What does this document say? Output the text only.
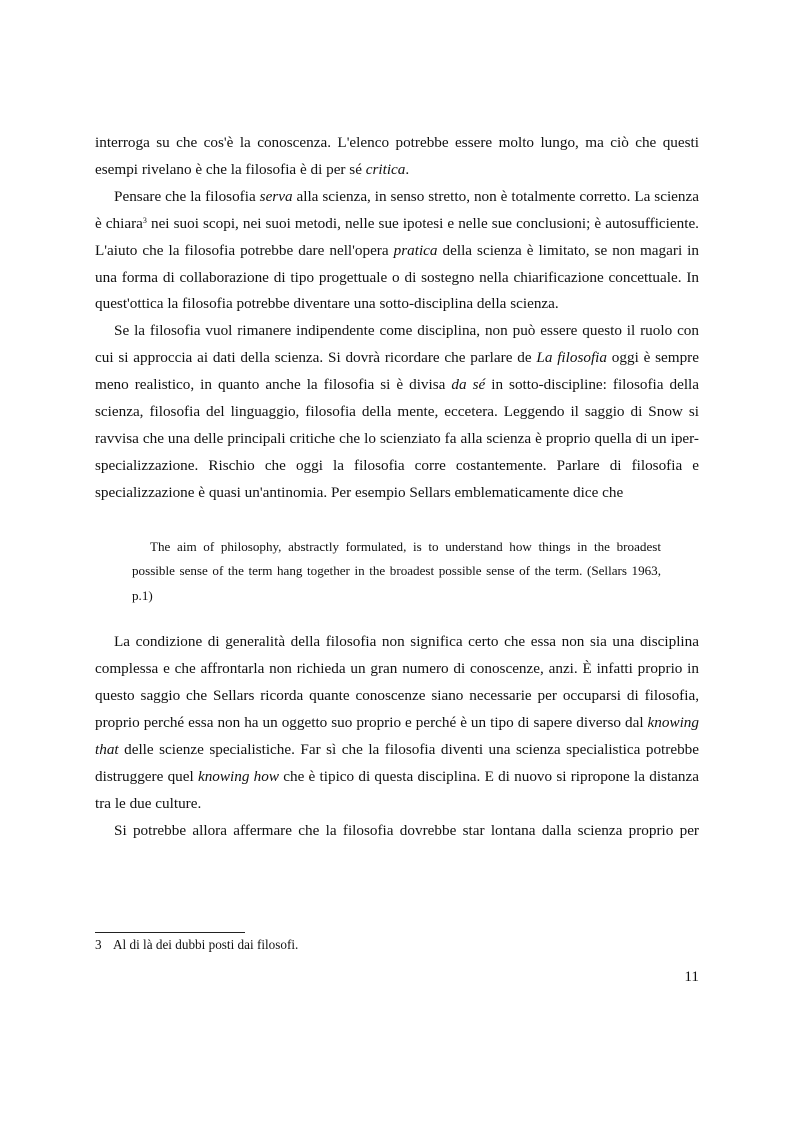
interroga su che cos'è la conoscenza. L'elenco potrebbe essere molto lungo, ma ciò che questi esempi rivelano è che la filosofia è di per sé critica.

Pensare che la filosofia serva alla scienza, in senso stretto, non è totalmente corretto. La scienza è chiara$^3$ nei suoi scopi, nei suoi metodi, nelle sue ipotesi e nelle sue conclusioni; è autosufficiente. L'aiuto che la filosofia potrebbe dare nell'opera pratica della scienza è limitato, se non magari in una forma di collaborazione di tipo progettuale o di sostegno nella chiarificazione concettuale. In quest'ottica la filosofia potrebbe diventare una sotto-disciplina della scienza.

Se la filosofia vuol rimanere indipendente come disciplina, non può essere questo il ruolo con cui si approccia ai dati della scienza. Si dovrà ricordare che parlare de La filosofia oggi è sempre meno realistico, in quanto anche la filosofia si è divisa da sé in sotto-discipline: filosofia della scienza, filosofia del linguaggio, filosofia della mente, eccetera. Leggendo il saggio di Snow si ravvisa che una delle principali critiche che lo scienziato fa alla scienza è proprio quella di un iper-specializzazione. Rischio che oggi la filosofia corre costantemente. Parlare di filosofia e specializzazione è quasi un'antinomia. Per esempio Sellars emblematicamente dice che

The aim of philosophy, abstractly formulated, is to understand how things in the broadest possible sense of the term hang together in the broadest possible sense of the term. (Sellars 1963, p.1)

La condizione di generalità della filosofia non significa certo che essa non sia una disciplina complessa e che affrontarla non richieda un gran numero di conoscenze, anzi. È infatti proprio in questo saggio che Sellars ricorda quante conoscenze siano necessarie per occuparsi di filosofia, proprio perché essa non ha un oggetto suo proprio e perché è un tipo di sapere diverso dal knowing that delle scienze specialistiche. Far sì che la filosofia diventi una scienza specialistica potrebbe distruggere quel knowing how che è tipico di questa disciplina. E di nuovo si ripropone la distanza tra le due culture.

Si potrebbe allora affermare che la filosofia dovrebbe star lontana dalla scienza proprio per

3 Al di là dei dubbi posti dai filosofi.

11
